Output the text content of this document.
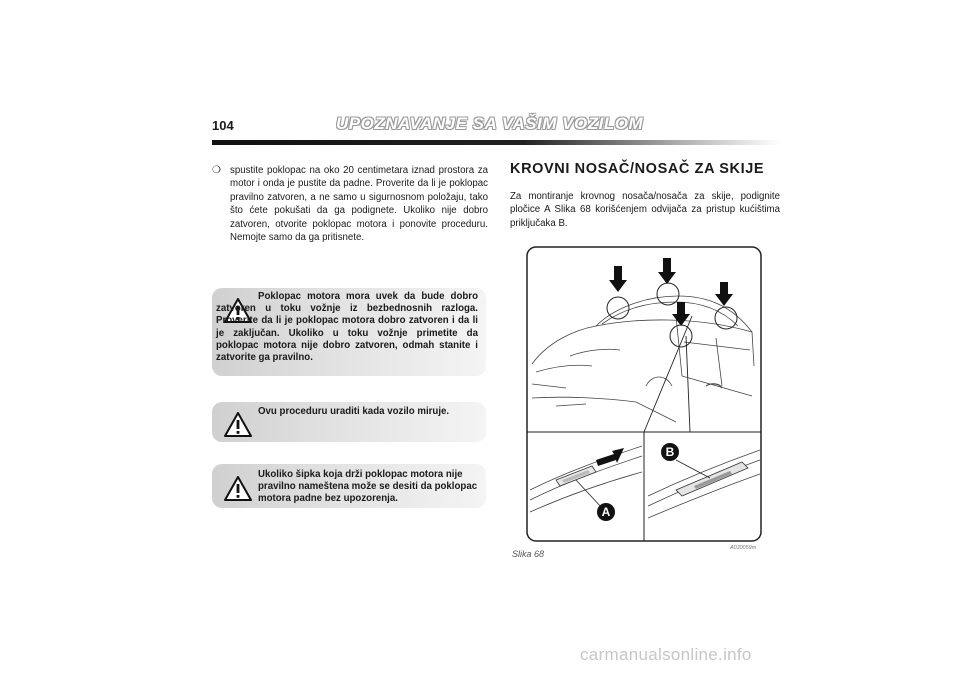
104	UPOZNAVANJE SA VAŠIM VOZILOM
❍ spustite poklopac na oko 20 centimetara iznad prostora za motor i onda je pustite da padne. Proverite da li je poklopac pravilno zatvoren, a ne samo u sigurnosnom položaju, tako što ćete pokušati da ga podignete. Ukoliko nije dobro zatvoren, otvorite poklopac motora i ponovite proceduru. Nemojte samo da ga pritisnete.
Poklopac motora mora uvek da bude dobro zatvoren u toku vožnje iz bezbednosnih razloga. Proverite da li je poklopac motora dobro zatvoren i da li je zaključan. Ukoliko u toku vožnje primetite da poklopac motora nije dobro zatvoren, odmah stanite i zatvorite ga pravilno.
Ovu proceduru uraditi kada vozilo miruje.
Ukoliko šipka koja drži poklopac motora nije pravilno nameštena može se desiti da poklopac motora padne bez upozorenja.
KROVNI NOSAČ/NOSAČ ZA SKIJE
Za montiranje krovnog nosača/nosača za skije, podignite pločice A Slika 68 korišćenjem odvijača za pristup kućištima priključaka B.
A
B
Slika 68
A0J0059m
carmanualsonline.info
